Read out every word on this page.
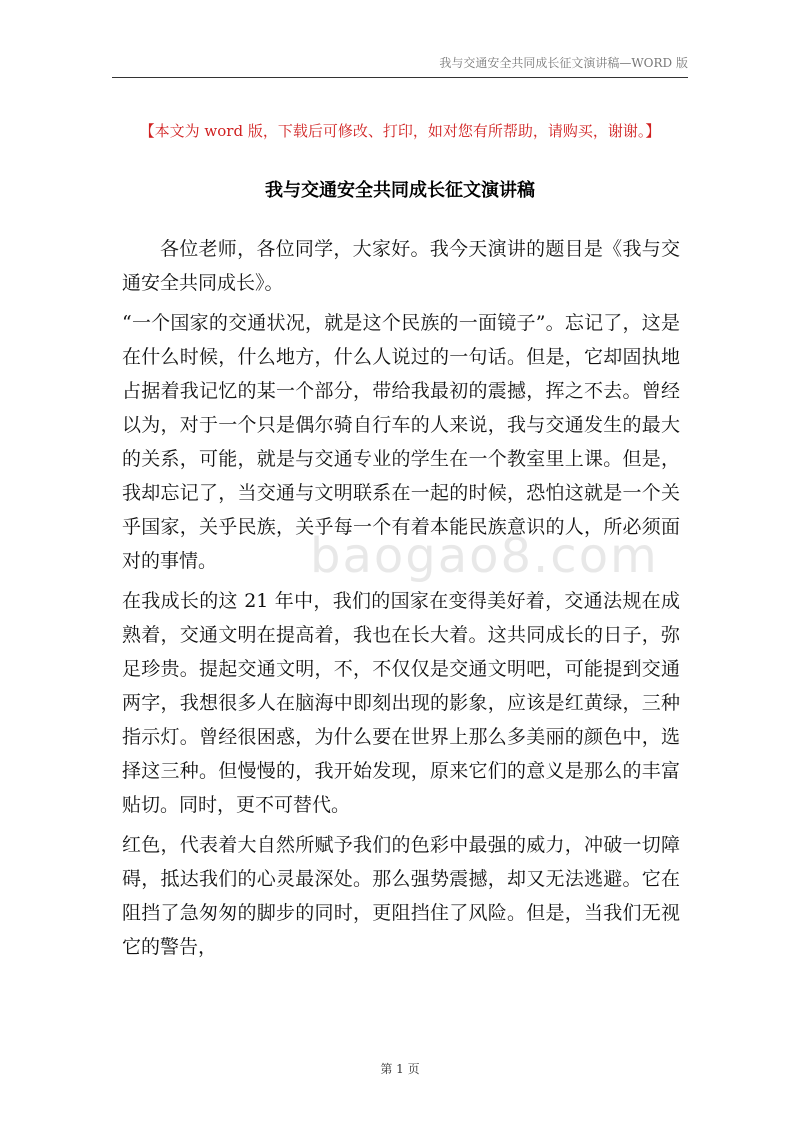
我与交通安全共同成长征文演讲稿—WORD 版
【本文为 word 版，下载后可修改、打印，如对您有所帮助，请购买，谢谢。】
我与交通安全共同成长征文演讲稿
baogao8.com

各位老师，各位同学，大家好。我今天演讲的题目是《我与交通安全共同成长》。

“一个国家的交通状况，就是这个民族的一面镜子”。忘记了，这是在什么时候，什么地方，什么人说过的一句话。但是，它却固执地占据着我记忆的某一个部分，带给我最初的震撼，挥之不去。曾经以为，对于一个只是偶尔骑自行车的人来说，我与交通发生的最大的关系，可能，就是与交通专业的学生在一个教室里上课。但是，我却忘记了，当交通与文明联系在一起的时候，恐怕这就是一个关乎国家，关乎民族，关乎每一个有着本能民族意识的人，所必须面对的事情。

在我成长的这 21 年中，我们的国家在变得美好着，交通法规在成熟着，交通文明在提高着，我也在长大着。这共同成长的日子，弥足珍贵。提起交通文明，不，不仅仅是交通文明吧，可能提到交通两字，我想很多人在脑海中即刻出现的影象，应该是红黄绿，三种指示灯。曾经很困惑，为什么要在世界上那么多美丽的颜色中，选择这三种。但慢慢的，我开始发现，原来它们的意义是那么的丰富贴切。同时，更不可替代。

红色，代表着大自然所赋予我们的色彩中最强的威力，冲破一切障碍，抵达我们的心灵最深处。那么强势震撼，却又无法逃避。它在阻挡了急匆匆的脚步的同时，更阻挡住了风险。但是，当我们无视它的警告，

第 1 页
